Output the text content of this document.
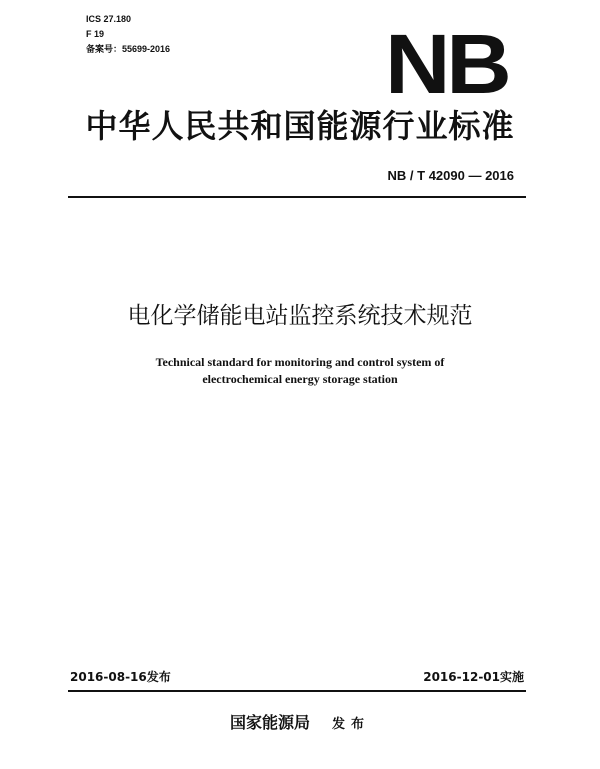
ICS 27.180
F 19
备案号：55699-2016	NB
中华人民共和国能源行业标准
NB / T 42090 — 2016
电化学储能电站监控系统技术规范
Technical standard for monitoring and control system of
electrochemical energy storage station
2016-08-16发布	2016-12-01实施
国家能源局 发布
